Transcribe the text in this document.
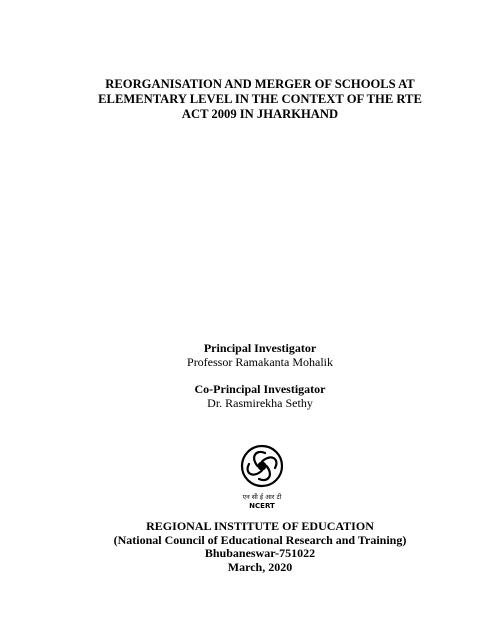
REORGANISATION AND MERGER OF SCHOOLS AT
ELEMENTARY LEVEL IN THE CONTEXT OF THE RTE
ACT 2009 IN JHARKHAND
Principal Investigator
Professor Ramakanta Mohalik
Co-Principal Investigator
Dr. Rasmirekha Sethy
एन सी ई आर टी
NCERT
REGIONAL INSTITUTE OF EDUCATION
(National Council of Educational Research and Training)
Bhubaneswar-751022
March, 2020
